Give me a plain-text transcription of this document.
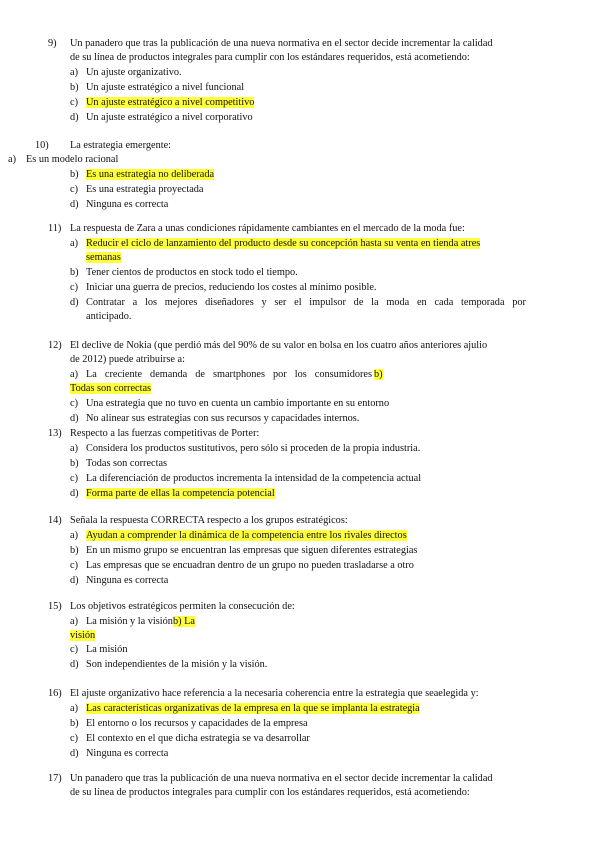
9) Un panadero que tras la publicación de una nueva normativa en el sector decide incrementar la calidad
de su línea de productos integrales para cumplir con los estándares requeridos, está acometiendo:
a) Un ajuste organizativo.
b) Un ajuste estratégico a nivel funcional
c) Un ajuste estratégico a nivel competitivo
d) Un ajuste estratégico a nivel corporativo
10) La estrategia emergente:
a) Es un modelo racional
b) Es una estrategia no deliberada
c) Es una estrategia proyectada
d) Ninguna es correcta
11) La respuesta de Zara a unas condiciones rápidamente cambiantes en el mercado de la moda fue:
a) Reducir el ciclo de lanzamiento del producto desde su concepción hasta su venta en tienda atres
semanas
b) Tener cientos de productos en stock todo el tiempo.
c) Iniciar una guerra de precios, reduciendo los costes al mínimo posible.
d) Contratar a los mejores diseñadores y ser el impulsor de la moda en cada temporada por
anticipado.
12) El declive de Nokia (que perdió más del 90% de su valor en bolsa en los cuatro años anteriores ajulio
de 2012) puede atribuirse a:
a) La creciente demanda de smartphones por los consumidores b)
Todas son correctas
c) Una estrategia que no tuvo en cuenta un cambio importante en su entorno
d) No alinear sus estrategias con sus recursos y capacidades internos.
13) Respecto a las fuerzas competitivas de Porter:
a) Considera los productos sustitutivos, pero sólo si proceden de la propia industria.
b) Todas son correctas
c) La diferenciación de productos incrementa la intensidad de la competencia actual
d) Forma parte de ellas la competencia potencial
14) Señala la respuesta CORRECTA respecto a los grupos estratégicos:
a) Ayudan a comprender la dinámica de la competencia entre los rivales directos
b) En un mismo grupo se encuentran las empresas que siguen diferentes estrategias
c) Las empresas que se encuadran dentro de un grupo no pueden trasladarse a otro
d) Ninguna es correcta
15) Los objetivos estratégicos permiten la consecución de:
a) La misión y la visiónb) La
visión
c) La misión
d) Son independientes de la misión y la visión.
16) El ajuste organizativo hace referencia a la necesaria coherencia entre la estrategia que seaelegida y:
a) Las características organizativas de la empresa en la que se implanta la estrategia
b) El entorno o los recursos y capacidades de la empresa
c) El contexto en el que dicha estrategia se va desarrollar
d) Ninguna es correcta
17) Un panadero que tras la publicación de una nueva normativa en el sector decide incrementar la calidad
de su línea de productos integrales para cumplir con los estándares requeridos, está acometiendo:
